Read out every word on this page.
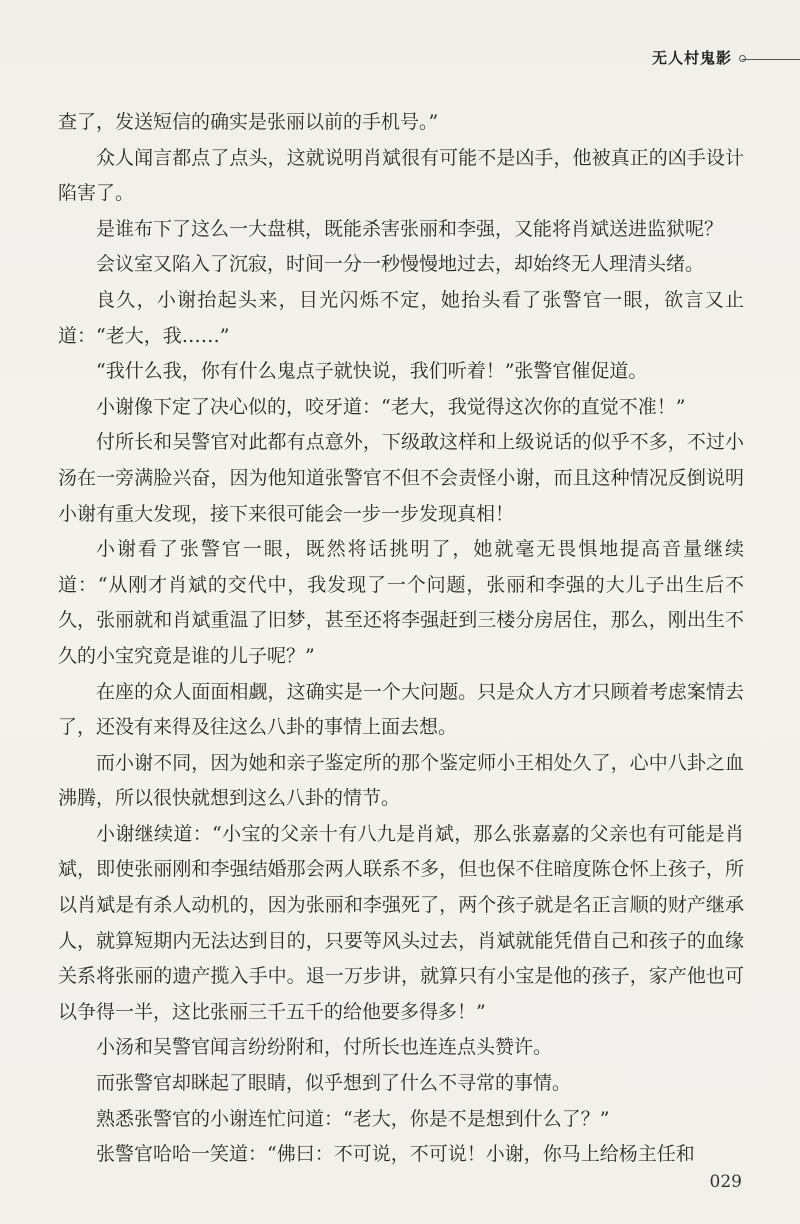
无人村鬼影

查了，发送短信的确实是张丽以前的手机号。”

众人闻言都点了点头，这就说明肖斌很有可能不是凶手，他被真正的凶手设计陷害了。

是谁布下了这么一大盘棋，既能杀害张丽和李强，又能将肖斌送进监狱呢？

会议室又陷入了沉寂，时间一分一秒慢慢地过去，却始终无人理清头绪。

良久，小谢抬起头来，目光闪烁不定，她抬头看了张警官一眼，欲言又止道：“老大，我……”

“我什么我，你有什么鬼点子就快说，我们听着！”张警官催促道。

小谢像下定了决心似的，咬牙道：“老大，我觉得这次你的直觉不准！”

付所长和吴警官对此都有点意外，下级敢这样和上级说话的似乎不多，不过小汤在一旁满脸兴奋，因为他知道张警官不但不会责怪小谢，而且这种情况反倒说明小谢有重大发现，接下来很可能会一步一步发现真相！

小谢看了张警官一眼，既然将话挑明了，她就毫无畏惧地提高音量继续道：“从刚才肖斌的交代中，我发现了一个问题，张丽和李强的大儿子出生后不久，张丽就和肖斌重温了旧梦，甚至还将李强赶到三楼分房居住，那么，刚出生不久的小宝究竟是谁的儿子呢？”

在座的众人面面相觑，这确实是一个大问题。只是众人方才只顾着考虑案情去了，还没有来得及往这么八卦的事情上面去想。

而小谢不同，因为她和亲子鉴定所的那个鉴定师小王相处久了，心中八卦之血沸腾，所以很快就想到这么八卦的情节。

小谢继续道：“小宝的父亲十有八九是肖斌，那么张嘉嘉的父亲也有可能是肖斌，即使张丽刚和李强结婚那会两人联系不多，但也保不住暗度陈仓怀上孩子，所以肖斌是有杀人动机的，因为张丽和李强死了，两个孩子就是名正言顺的财产继承人，就算短期内无法达到目的，只要等风头过去，肖斌就能凭借自己和孩子的血缘关系将张丽的遗产揽入手中。退一万步讲，就算只有小宝是他的孩子，家产他也可以争得一半，这比张丽三千五千的给他要多得多！”

小汤和吴警官闻言纷纷附和，付所长也连连点头赞许。

而张警官却眯起了眼睛，似乎想到了什么不寻常的事情。

熟悉张警官的小谢连忙问道：“老大，你是不是想到什么了？”

张警官哈哈一笑道：“佛曰：不可说，不可说！小谢，你马上给杨主任和

029
